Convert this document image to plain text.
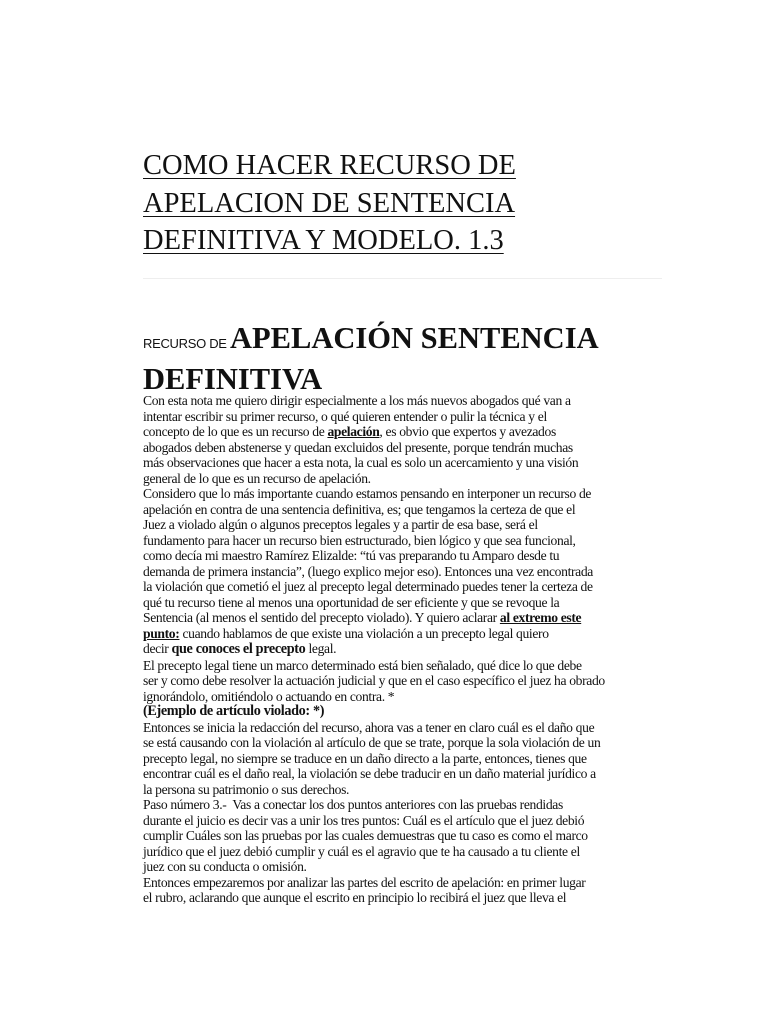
COMO HACER RECURSO DE
APELACION DE SENTENCIA
DEFINITIVA Y MODELO. 1.3
RECURSO DE APELACIÓN SENTENCIA
DEFINITIVA
Con esta nota me quiero dirigir especialmente a los más nuevos abogados qué van a
intentar escribir su primer recurso, o qué quieren entender o pulir la técnica y el
concepto de lo que es un recurso de apelación, es obvio que expertos y avezados
abogados deben abstenerse y quedan excluidos del presente, porque tendrán muchas
más observaciones que hacer a esta nota, la cual es solo un acercamiento y una visión
general de lo que es un recurso de apelación.
Considero que lo más importante cuando estamos pensando en interponer un recurso de
apelación en contra de una sentencia definitiva, es; que tengamos la certeza de que el
Juez a violado algún o algunos preceptos legales y a partir de esa base, será el
fundamento para hacer un recurso bien estructurado, bien lógico y que sea funcional,
como decía mi maestro Ramírez Elizalde: “tú vas preparando tu Amparo desde tu
demanda de primera instancia”, (luego explico mejor eso). Entonces una vez encontrada
la violación que cometió el juez al precepto legal determinado puedes tener la certeza de
qué tu recurso tiene al menos una oportunidad de ser eficiente y que se revoque la
Sentencia (al menos el sentido del precepto violado). Y quiero aclarar al extremo este
punto: cuando hablamos de que existe una violación a un precepto legal quiero
decir que conoces el precepto legal.
El precepto legal tiene un marco determinado está bien señalado, qué dice lo que debe
ser y como debe resolver la actuación judicial y que en el caso específico el juez ha obrado
ignorándolo, omitiéndolo o actuando en contra. *
(Ejemplo de artículo violado: *)
Entonces se inicia la redacción del recurso, ahora vas a tener en claro cuál es el daño que
se está causando con la violación al artículo de que se trate, porque la sola violación de un
precepto legal, no siempre se traduce en un daño directo a la parte, entonces, tienes que
encontrar cuál es el daño real, la violación se debe traducir en un daño material jurídico a
la persona su patrimonio o sus derechos.
Paso número 3.-  Vas a conectar los dos puntos anteriores con las pruebas rendidas
durante el juicio es decir vas a unir los tres puntos: Cuál es el artículo que el juez debió
cumplir Cuáles son las pruebas por las cuales demuestras que tu caso es como el marco
jurídico que el juez debió cumplir y cuál es el agravio que te ha causado a tu cliente el
juez con su conducta o omisión.
Entonces empezaremos por analizar las partes del escrito de apelación: en primer lugar
el rubro, aclarando que aunque el escrito en principio lo recibirá el juez que lleva el
